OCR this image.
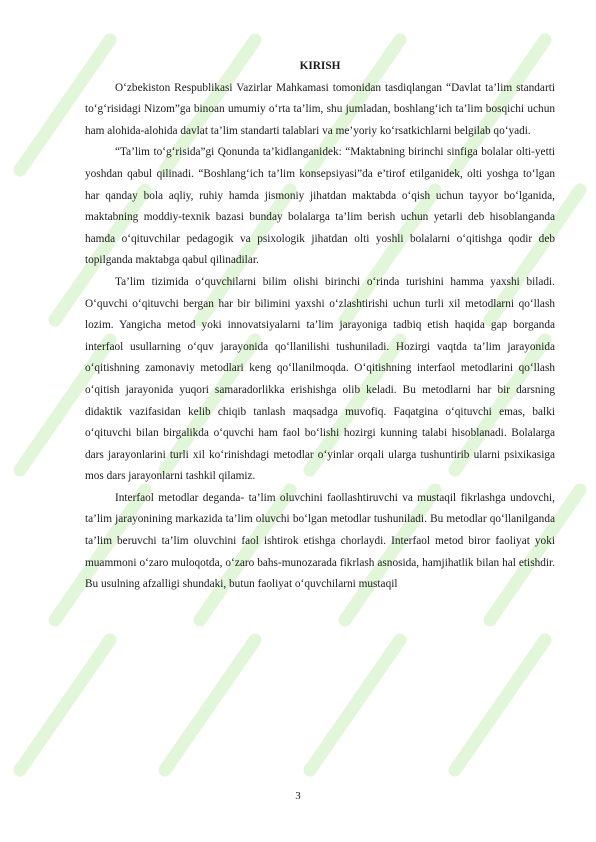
KIRISH

O‘zbekiston Respublikasi Vazirlar Mahkamasi tomonidan tasdiqlangan “Davlat ta’lim standarti to‘g‘risidagi Nizom”ga binoan umumiy o‘rta ta’lim, shu jumladan, boshlang‘ich ta’lim bosqichi uchun ham alohida-alohida davlat ta’lim standarti talablari va me’yoriy ko‘rsatkichlarni belgilab qo‘yadi.

“Ta’lim to‘g‘risida”gi Qonunda ta’kidlanganidek: “Maktabning birinchi sinfiga bolalar olti-yetti yoshdan qabul qilinadi. “Boshlang‘ich ta’lim konsepsiyasi”da e’tirof etilganidek, olti yoshga to‘lgan har qanday bola aqliy, ruhiy hamda jismoniy jihatdan maktabda o‘qish uchun tayyor bo‘lganida, maktabning moddiy-texnik bazasi bunday bolalarga ta’lim berish uchun yetarli deb hisoblanganda hamda o‘qituvchilar pedagogik va psixologik jihatdan olti yoshli bolalarni o‘qitishga qodir deb topilganda maktabga qabul qilinadilar.

Ta’lim tizimida o‘quvchilarni bilim olishi birinchi o‘rinda turishini hamma yaxshi biladi. O‘quvchi o‘qituvchi bergan har bir bilimini yaxshi o‘zlashtirishi uchun turli xil metodlarni qo‘llash lozim. Yangicha metod yoki innovatsiyalarni ta’lim jarayoniga tadbiq etish haqida gap borganda interfaol usullarning o‘quv jarayonida qo‘llanilishi tushuniladi. Hozirgi vaqtda ta’lim jarayonida o‘qitishning zamonaviy metodlari keng qo‘llanilmoqda. O‘qitishning interfaol metodlarini qo‘llash o‘qitish jarayonida yuqori samaradorlikka erishishga olib keladi. Bu metodlarni har bir darsning didaktik vazifasidan kelib chiqib tanlash maqsadga muvofiq. Faqatgina o‘qituvchi emas, balki o‘qituvchi bilan birgalikda o‘quvchi ham faol bo‘lishi hozirgi kunning talabi hisoblanadi. Bolalarga dars jarayonlarini turli xil ko‘rinishdagi metodlar o‘yinlar orqali ularga tushuntirib ularni psixikasiga mos dars jarayonlarni tashkil qilamiz.

Interfaol metodlar deganda- ta’lim oluvchini faollashtiruvchi va mustaqil fikrlashga undovchi, ta’lim jarayonining markazida ta’lim oluvchi bo‘lgan metodlar tushuniladi. Bu metodlar qo‘llanilganda ta’lim beruvchi ta’lim oluvchini faol ishtirok etishga chorlaydi. Interfaol metod biror faoliyat yoki muammoni o‘zaro muloqotda, o‘zaro bahs-munozarada fikrlash asnosida, hamjihatlik bilan hal etishdir. Bu usulning afzalligi shundaki, butun faoliyat o‘quvchilarni mustaqil

3
